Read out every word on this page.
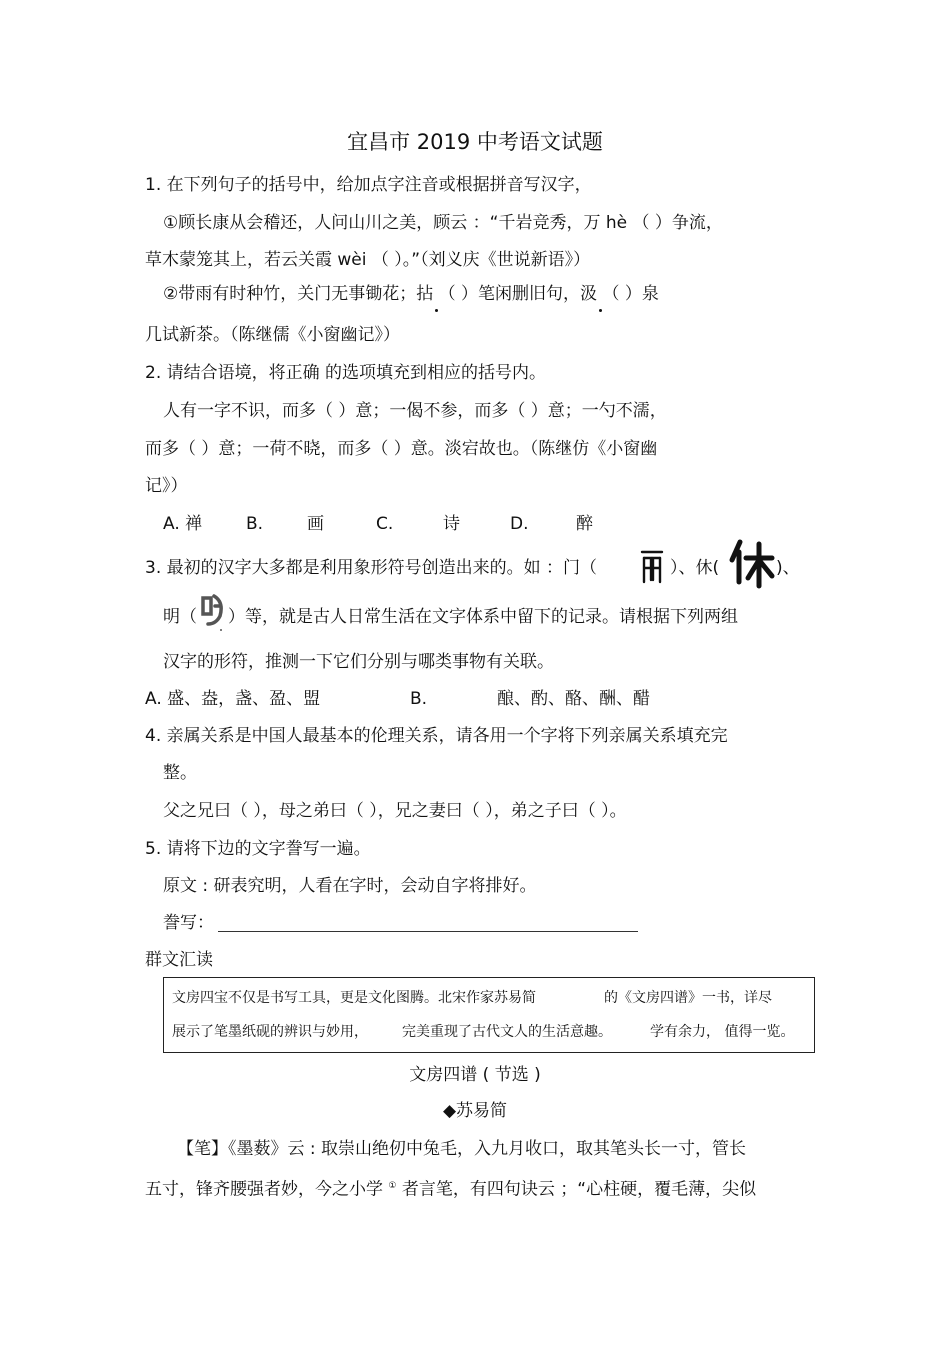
宜昌市 2019 中考语文试题
1. 在下列句子的括号中，给加点字注音或根据拼音写汉字，
①顾长康从会稽还，人问山川之美，顾云 ：“千岩竞秀，万 hè （ ）争流，
草木蒙笼其上，若云关霞 wèi （ ）。”（刘义庆《世说新语》）
②带雨有时种竹，关门无事锄花；拈 （ ）笔闲删旧句，汲 （ ）泉
几试新茶。（陈继儒《小窗幽记》）
2. 请结合语境，将正确 的选项填充到相应的括号内。
人有一字不识，而多（ ）意；一偈不参，而多（ ）意；一勺不濡，
而多（ ）意；一荷不晓，而多（ ）意。淡宕故也。（陈继仿《小窗幽
记》）
A. 禅	B.	画	C.	诗	D.	醉
3. 最初的汉字大多都是利用象形符号创造出来的。如 ：门（	）、休(	)、
明（ ）等，就是古人日常生活在文字体系中留下的记录。请根据下列两组
汉字的形符，推测一下它们分别与哪类事物有关联。
A. 盛、盎，盏、盈、盟	B.	酿、酌、酪、酬、醋
4. 亲属关系是中国人最基本的伦理关系，请各用一个字将下列亲属关系填充完
整。
父之兄曰（ ），母之弟曰（ ），兄之妻曰（ ），弟之子曰（ ）。
5. 请将下边的文字誊写一遍。
原文 : 研表究明，人看在字时，会动自字将排好。
誊写：
群文汇读
文房四宝不仅是书写工具，更是文化图腾。北宋作家苏易简	的《文房四谱》一书，详尽
展示了笔墨纸砚的辨识与妙用， 完美重现了古代文人的生活意趣。	学有余力， 值得一览。
文房四谱 ( 节选 )
◆苏易简
【笔】《墨薮》云 : 取崇山绝仞中兔毛，入九月收口，取其笔头长一寸，管长
五寸，锋齐腰强者妙，今之小学 ① 者言笔，有四句诀云 ；“心柱硬，覆毛薄，尖似
